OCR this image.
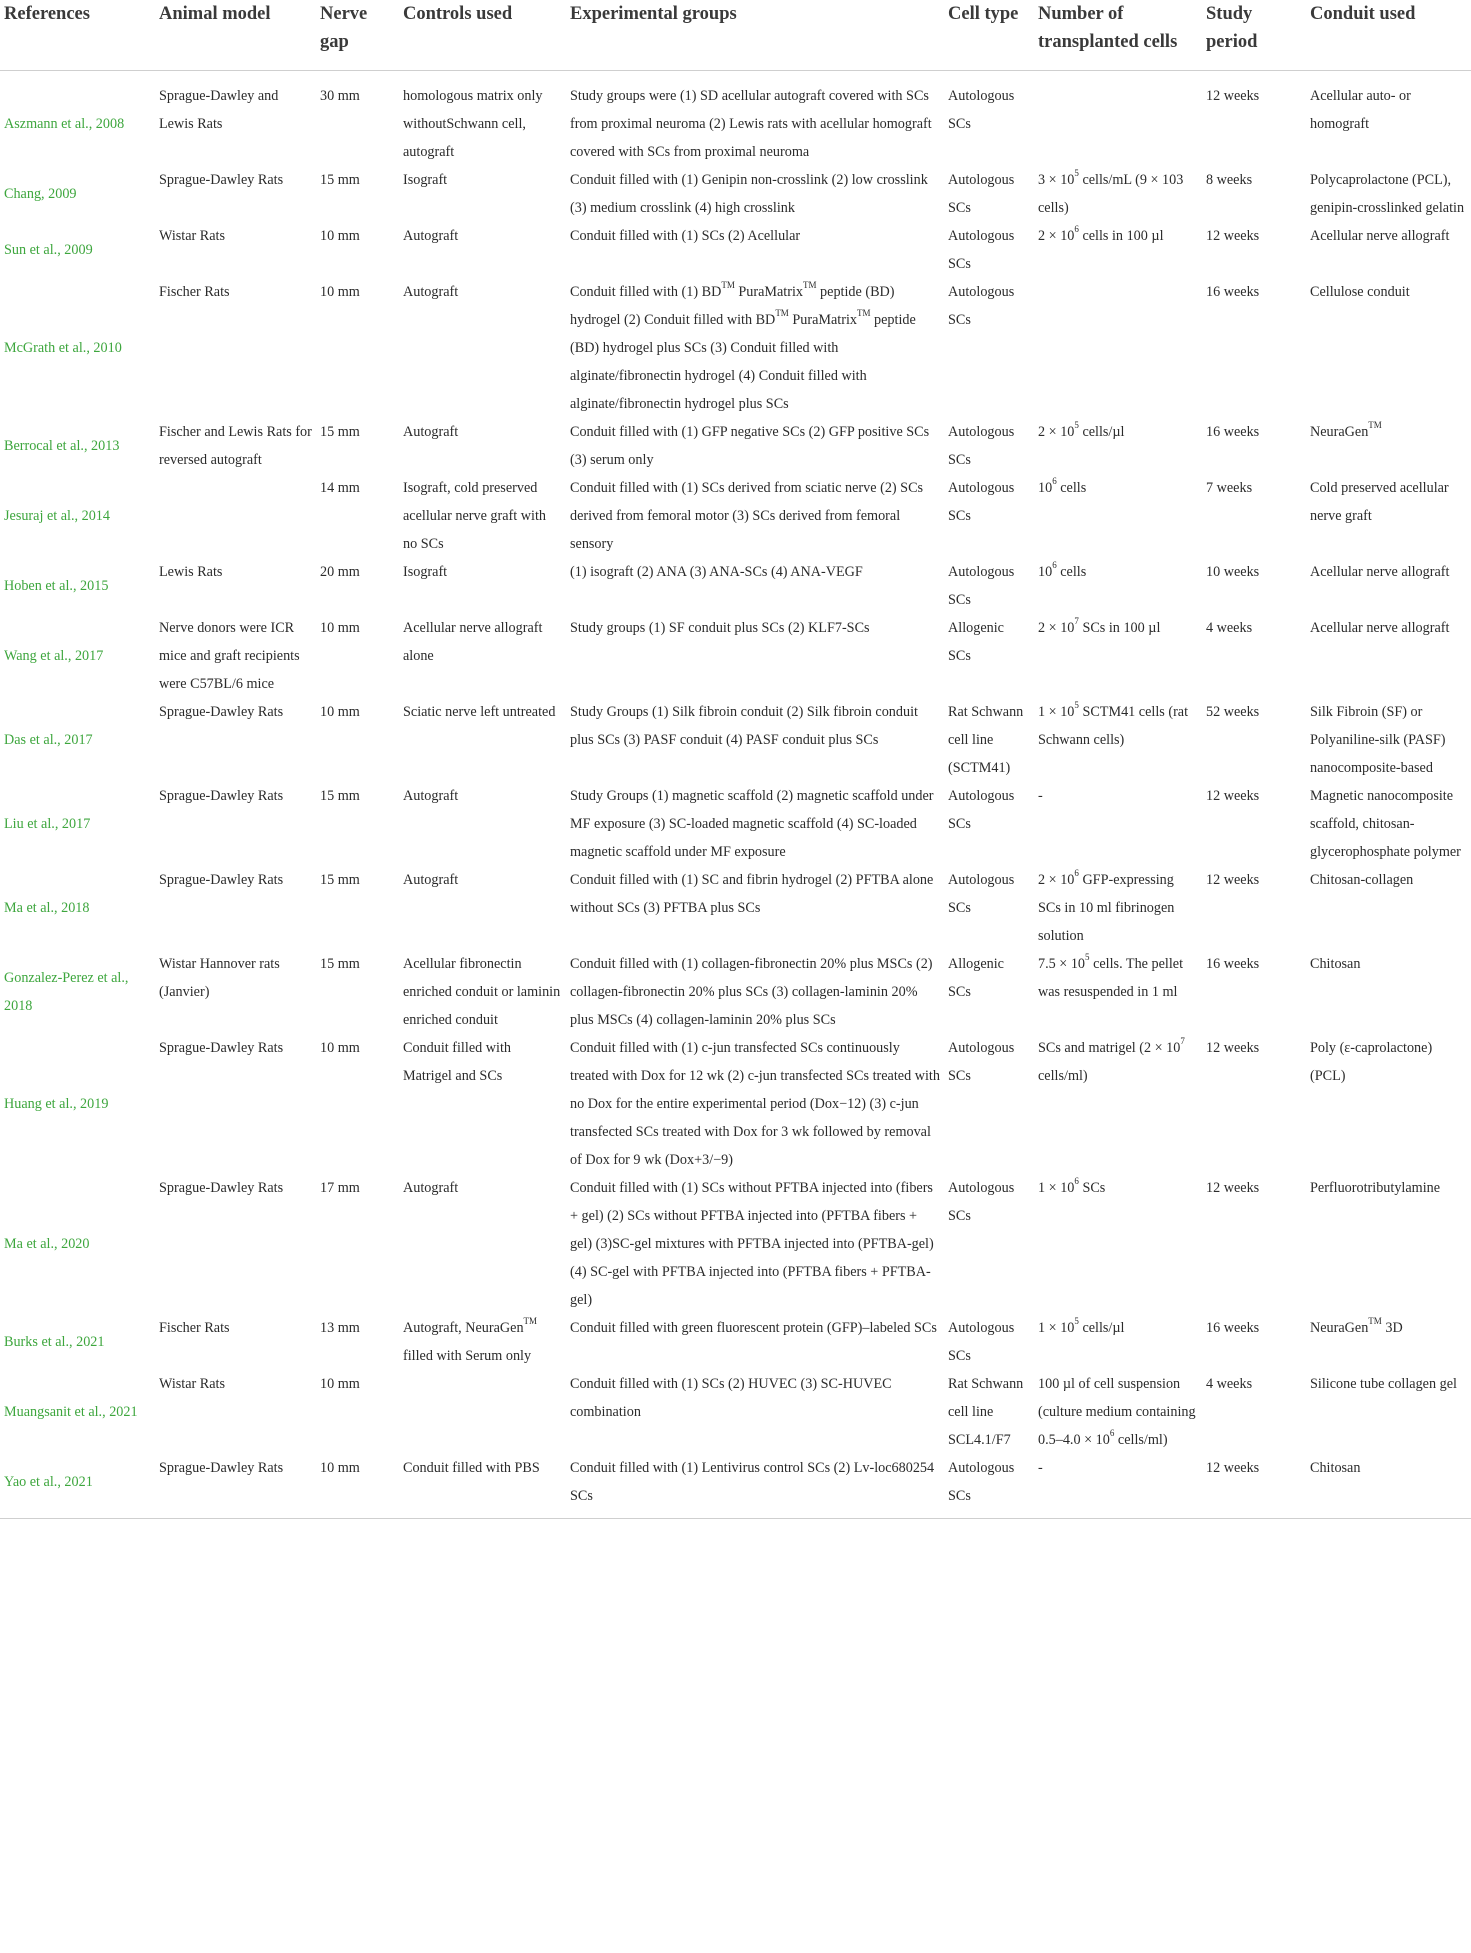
References	Animal model	Nerve gap	Controls used	Experimental groups	Cell type	Number of transplanted cells	Study period	Conduit used
Aszmann et al., 2008	Sprague-Dawley and Lewis Rats	30 mm	homologous matrix only withoutSchwann cell, autograft	Study groups were (1) SD acellular autograft covered with SCs from proximal neuroma (2) Lewis rats with acellular homograft covered with SCs from proximal neuroma	Autologous SCs		12 weeks	Acellular auto- or homograft
Chang, 2009	Sprague-Dawley Rats	15 mm	Isograft	Conduit filled with (1) Genipin non-crosslink (2) low crosslink (3) medium crosslink (4) high crosslink	Autologous SCs	$3 \times 10^5$ cells/mL (9 × 103 cells)	8 weeks	Polycaprolactone (PCL), genipin-crosslinked gelatin
Sun et al., 2009	Wistar Rats	10 mm	Autograft	Conduit filled with (1) SCs (2) Acellular	Autologous SCs	$2 \times 10^6$ cells in 100 µl	12 weeks	Acellular nerve allograft
McGrath et al., 2010	Fischer Rats	10 mm	Autograft	Conduit filled with (1) BD™ PuraMatrix™ peptide (BD) hydrogel (2) Conduit filled with BD™ PuraMatrix™ peptide (BD) hydrogel plus SCs (3) Conduit filled with alginate/fibronectin hydrogel (4) Conduit filled with alginate/fibronectin hydrogel plus SCs	Autologous SCs		16 weeks	Cellulose conduit
Berrocal et al., 2013	Fischer and Lewis Rats for reversed autograft	15 mm	Autograft	Conduit filled with (1) GFP negative SCs (2) GFP positive SCs (3) serum only	Autologous SCs	$2 \times 10^5$ cells/µl	16 weeks	NeuraGen™
Jesuraj et al., 2014		14 mm	Isograft, cold preserved acellular nerve graft with no SCs	Conduit filled with (1) SCs derived from sciatic nerve (2) SCs derived from femoral motor (3) SCs derived from femoral sensory	Autologous SCs	$10^6$ cells	7 weeks	Cold preserved acellular nerve graft
Hoben et al., 2015	Lewis Rats	20 mm	Isograft	(1) isograft (2) ANA (3) ANA-SCs (4) ANA-VEGF	Autologous SCs	$10^6$ cells	10 weeks	Acellular nerve allograft
Wang et al., 2017	Nerve donors were ICR mice and graft recipients were C57BL/6 mice	10 mm	Acellular nerve allograft alone	Study groups (1) SF conduit plus SCs (2) KLF7-SCs	Allogenic SCs	$2 \times 10^7$ SCs in 100 µl	4 weeks	Acellular nerve allograft
Das et al., 2017	Sprague-Dawley Rats	10 mm	Sciatic nerve left untreated	Study Groups (1) Silk fibroin conduit (2) Silk fibroin conduit plus SCs (3) PASF conduit (4) PASF conduit plus SCs	Rat Schwann cell line (SCTM41)	$1 \times 10^5$ SCTM41 cells (rat Schwann cells)	52 weeks	Silk Fibroin (SF) or Polyaniline-silk (PASF) nanocomposite-based
Liu et al., 2017	Sprague-Dawley Rats	15 mm	Autograft	Study Groups (1) magnetic scaffold (2) magnetic scaffold under MF exposure (3) SC-loaded magnetic scaffold (4) SC-loaded magnetic scaffold under MF exposure	Autologous SCs	-	12 weeks	Magnetic nanocomposite scaffold, chitosan-glycerophosphate polymer
Ma et al., 2018	Sprague-Dawley Rats	15 mm	Autograft	Conduit filled with (1) SC and fibrin hydrogel (2) PFTBA alone without SCs (3) PFTBA plus SCs	Autologous SCs	$2 \times 10^6$ GFP-expressing SCs in 10 ml fibrinogen solution	12 weeks	Chitosan-collagen
Gonzalez-Perez et al., 2018	Wistar Hannover rats (Janvier)	15 mm	Acellular fibronectin enriched conduit or laminin enriched conduit	Conduit filled with (1) collagen-fibronectin 20% plus MSCs (2) collagen-fibronectin 20% plus SCs (3) collagen-laminin 20% plus MSCs (4) collagen-laminin 20% plus SCs	Allogenic SCs	$7.5 \times 10^5$ cells. The pellet was resuspended in 1 ml	16 weeks	Chitosan
Huang et al., 2019	Sprague-Dawley Rats	10 mm	Conduit filled with Matrigel and SCs	Conduit filled with (1) c-jun transfected SCs continuously treated with Dox for 12 wk (2) c-jun transfected SCs treated with no Dox for the entire experimental period (Dox−12) (3) c-jun transfected SCs treated with Dox for 3 wk followed by removal of Dox for 9 wk (Dox+3/−9)	Autologous SCs	SCs and matrigel ($2 \times 10^7$ cells/ml)	12 weeks	Poly (ε-caprolactone) (PCL)
Ma et al., 2020	Sprague-Dawley Rats	17 mm	Autograft	Conduit filled with (1) SCs without PFTBA injected into (fibers + gel) (2) SCs without PFTBA injected into (PFTBA fibers + gel) (3)SC-gel mixtures with PFTBA injected into (PFTBA-gel) (4) SC-gel with PFTBA injected into (PFTBA fibers + PFTBA-gel)	Autologous SCs	$1 \times 10^6$ SCs	12 weeks	Perfluorotributylamine
Burks et al., 2021	Fischer Rats	13 mm	Autograft, NeuraGen™ filled with Serum only	Conduit filled with green fluorescent protein (GFP)–labeled SCs	Autologous SCs	$1 \times 10^5$ cells/µl	16 weeks	NeuraGen™ 3D
Muangsanit et al., 2021	Wistar Rats	10 mm		Conduit filled with (1) SCs (2) HUVEC (3) SC-HUVEC combination	Rat Schwann cell line SCL4.1/F7	100 µl of cell suspension (culture medium containing $0.5-4.0 \times 10^6$ cells/ml)	4 weeks	Silicone tube collagen gel
Yao et al., 2021	Sprague-Dawley Rats	10 mm	Conduit filled with PBS	Conduit filled with (1) Lentivirus control SCs (2) Lv-loc680254 SCs	Autologous SCs	-	12 weeks	Chitosan
